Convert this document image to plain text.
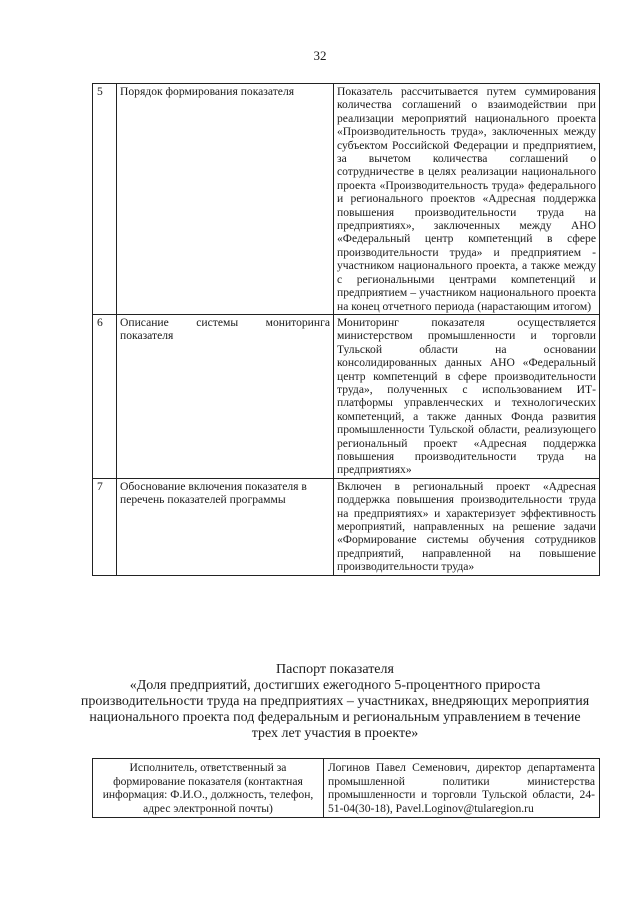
32
5	Порядок формирования показателя	Показатель рассчитывается путем суммирования количества соглашений о взаимодействии при реализации мероприятий национального проекта «Производительность труда», заключенных между субъектом Российской Федерации и предприятием, за вычетом количества соглашений о сотрудничестве в целях реализации национального проекта «Производительность труда» федерального и регионального проектов «Адресная поддержка повышения производительности труда на предприятиях», заключенных между АНО «Федеральный центр компетенций в сфере производительности труда» и предприятием - участником национального проекта, а также между с региональными центрами компетенций и предприятием – участником национального проекта на конец отчетного периода (нарастающим итогом)
6	Описание системы мониторинга показателя	Мониторинг показателя осуществляется министерством промышленности и торговли Тульской области на основании консолидированных данных АНО «Федеральный центр компетенций в сфере производительности труда», полученных с использованием ИТ-платформы управленческих и технологических компетенций, а также данных Фонда развития промышленности Тульской области, реализующего региональный проект «Адресная поддержка повышения производительности труда на предприятиях»
7	Обоснование включения показателя в перечень показателей программы	Включен в региональный проект «Адресная поддержка повышения производительности труда на предприятиях» и характеризует эффективность мероприятий, направленных на решение задачи «Формирование системы обучения сотрудников предприятий, направленной на повышение производительности труда»
Паспорт показателя
«Доля предприятий, достигших ежегодного 5-процентного прироста производительности труда на предприятиях – участниках, внедряющих мероприятия национального проекта под федеральным и региональным управлением в течение трех лет участия в проекте»
Исполнитель, ответственный за формирование показателя (контактная информация: Ф.И.О., должность, телефон, адрес электронной почты)	Логинов Павел Семенович, директор департамента промышленной политики министерства промышленности и торговли Тульской области, 24-51-04(30-18), Pavel.Loginov@tularegion.ru
